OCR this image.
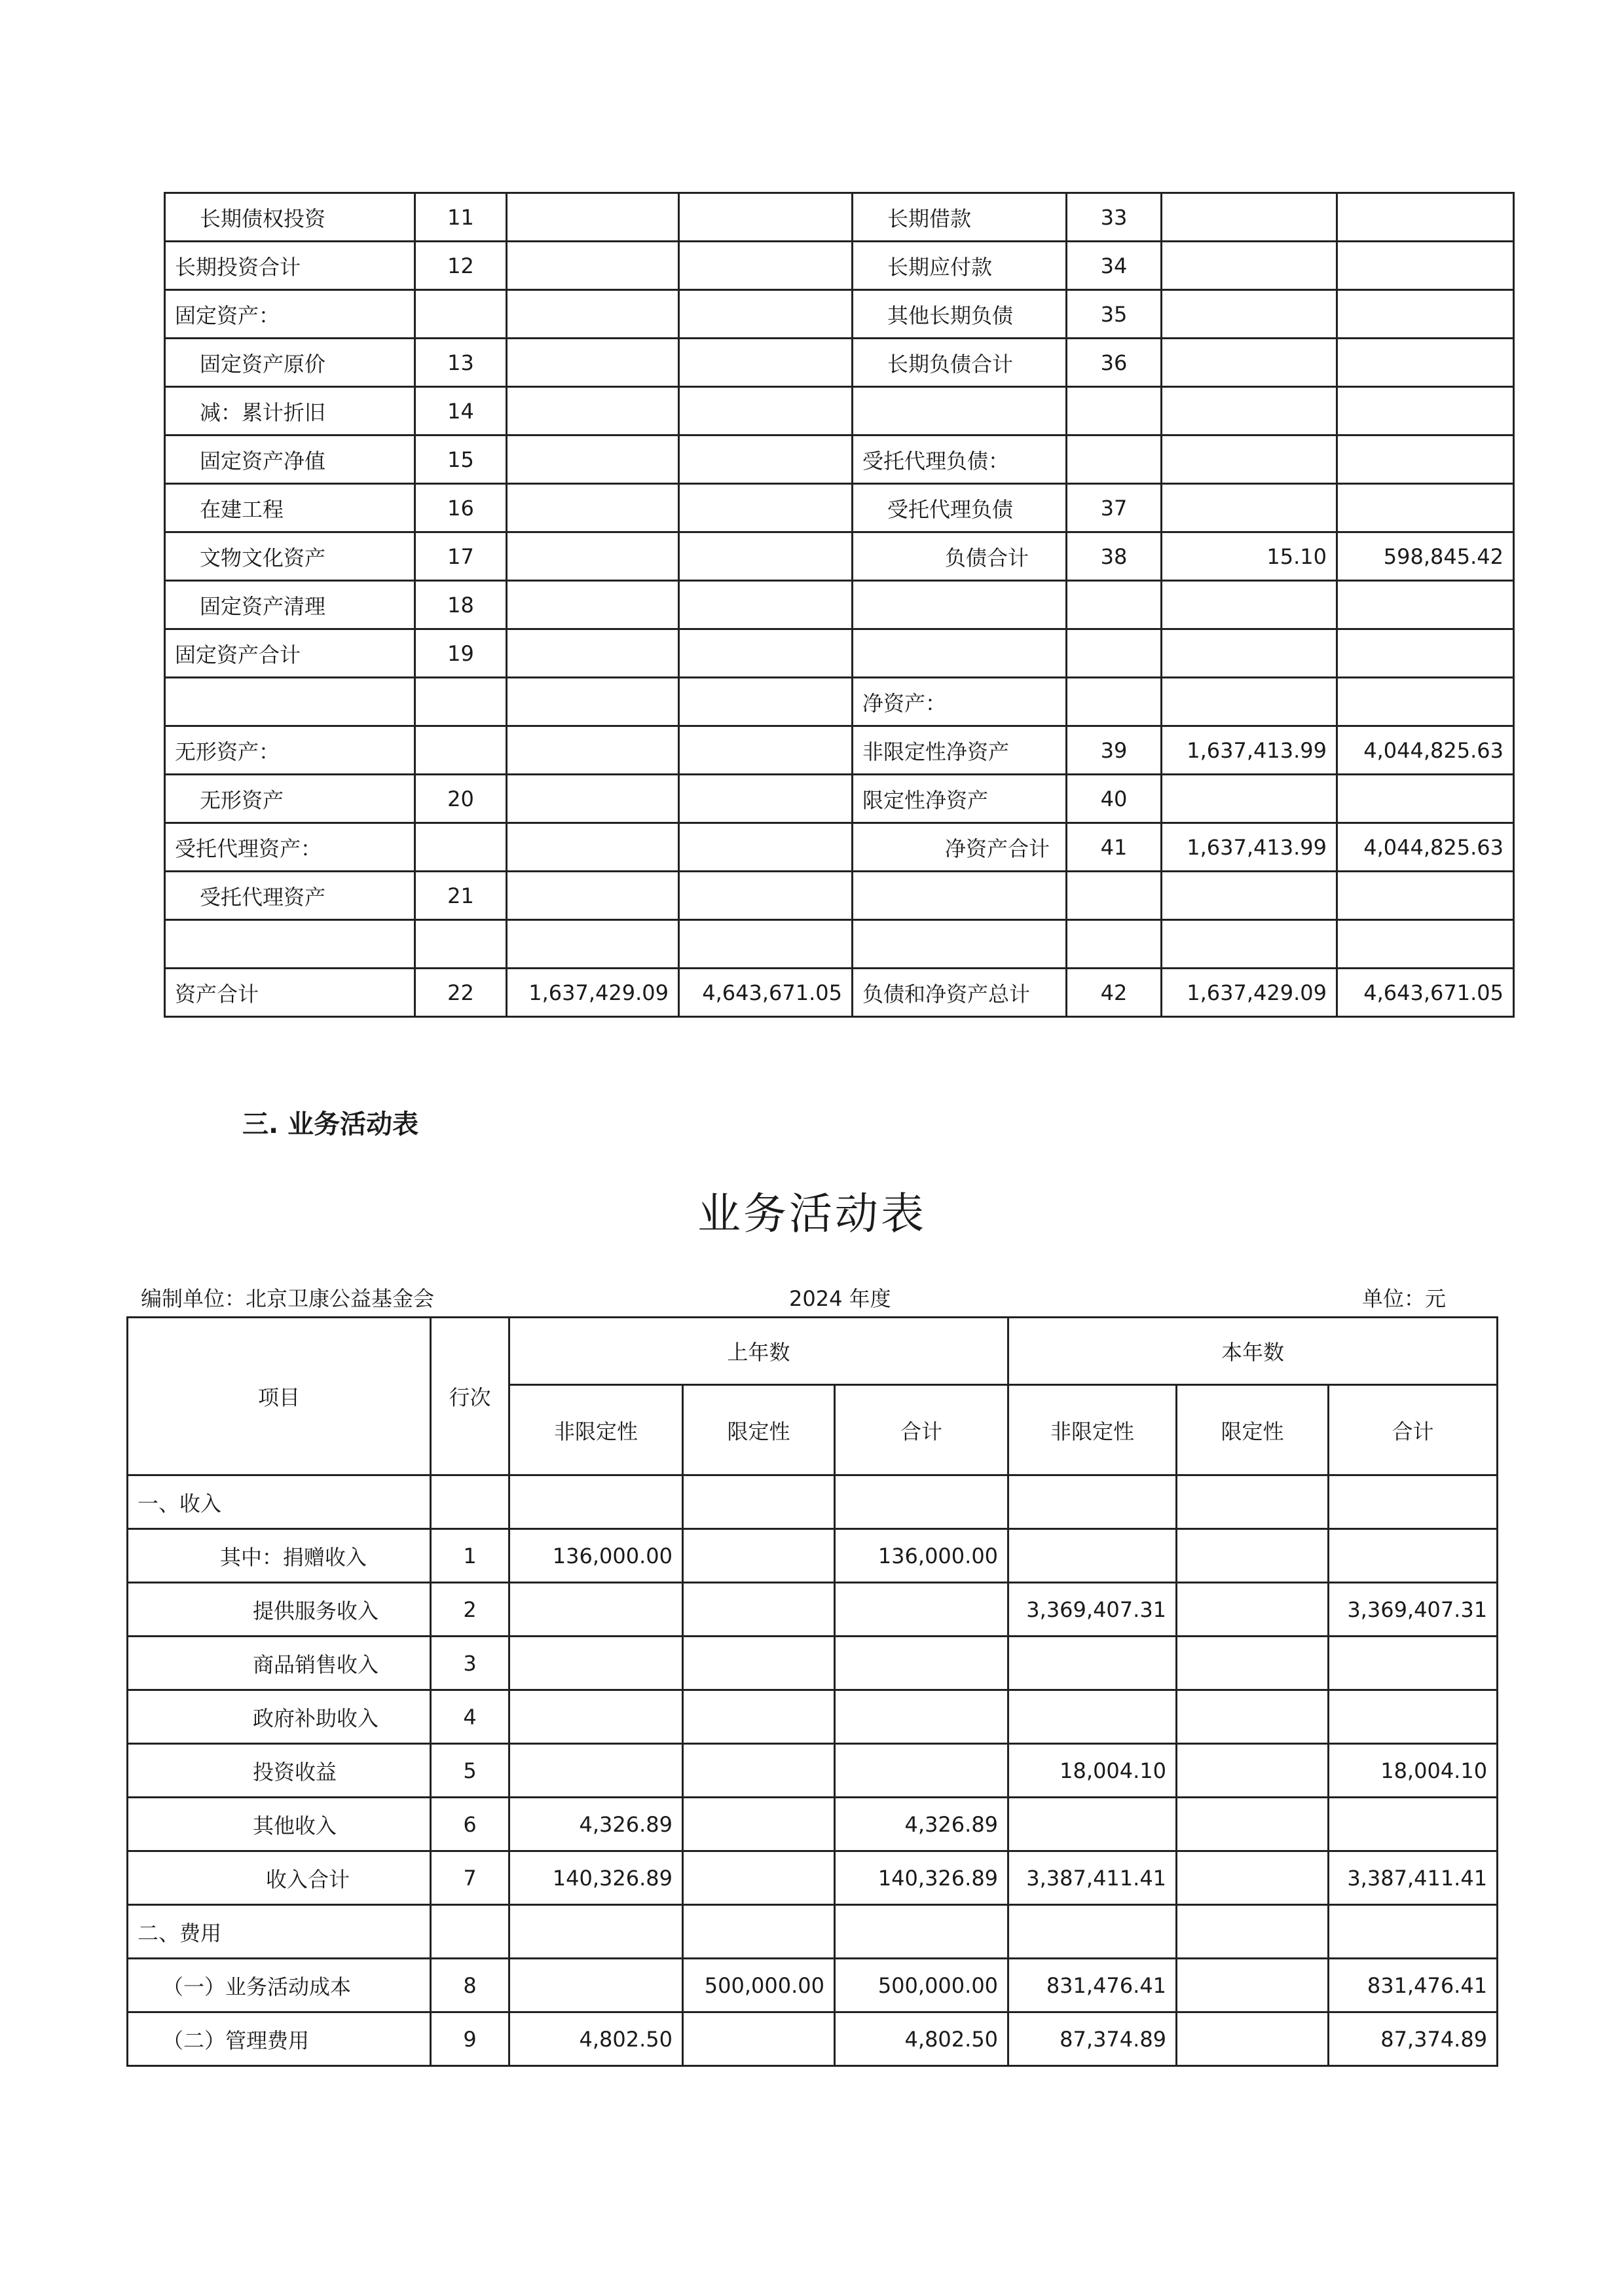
长期债权投资	11			长期借款	33		
长期投资合计	12			长期应付款	34		
固定资产：				其他长期负债	35		
固定资产原价	13			长期负债合计	36		
减：累计折旧	14						
固定资产净值	15			受托代理负债：			
在建工程	16			受托代理负债	37		
文物文化资产	17			负债合计	38	15.10	598,845.42
固定资产清理	18						
固定资产合计	19						
				净资产：			
无形资产：				非限定性净资产	39	1,637,413.99	4,044,825.63
无形资产	20			限定性净资产	40		
受托代理资产：				净资产合计	41	1,637,413.99	4,044,825.63
受托代理资产	21						

资产合计	22	1,637,429.09	4,643,671.05	负债和净资产总计	42	1,637,429.09	4,643,671.05
三. 业务活动表
业务活动表
编制单位：北京卫康公益基金会	2024 年度	单位：元
项目	行次	上年数			本年数		
		非限定性	限定性	合计	非限定性	限定性	合计
一、收入							
其中：捐赠收入	1	136,000.00		136,000.00			
提供服务收入	2				3,369,407.31		3,369,407.31
商品销售收入	3						
政府补助收入	4						
投资收益	5				18,004.10		18,004.10
其他收入	6	4,326.89		4,326.89			
收入合计	7	140,326.89		140,326.89	3,387,411.41		3,387,411.41
二、费用							
（一）业务活动成本	8		500,000.00	500,000.00	831,476.41		831,476.41
（二）管理费用	9	4,802.50		4,802.50	87,374.89		87,374.89
